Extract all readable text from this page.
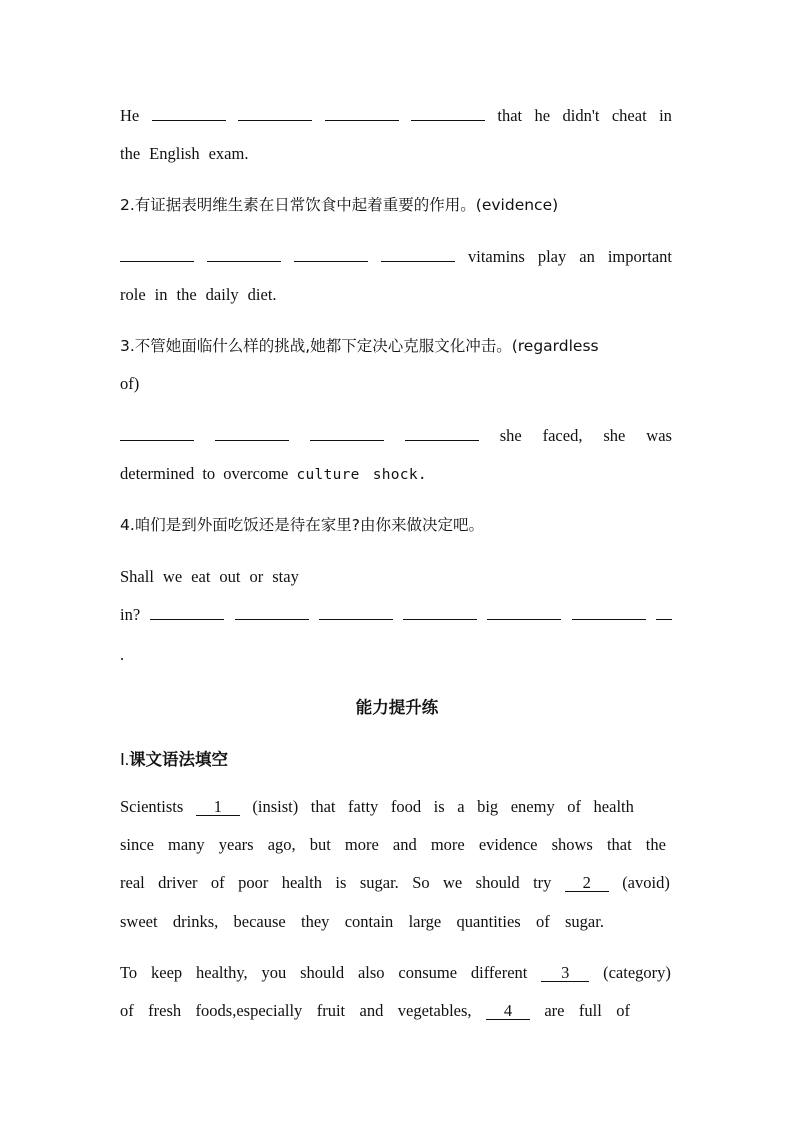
He	that he didn't cheat in
the English exam.
2.有证据表明维生素在日常饮食中起着重要的作用。(evidence)
vitamins play an important
role in the daily diet.
3.不管她面临什么样的挑战,她都下定决心克服文化冲击。(regardless
of)
she faced, she was
determined to overcome culture shock.
4.咱们是到外面吃饭还是待在家里?由你来做决定吧。
Shall we eat out or stay
in?
.
能力提升练
Ⅰ.课文语法填空
Scientists	1	(insist) that fatty food is a big enemy of health
since many years ago, but more and more evidence shows that the
real driver of poor health is sugar. So we should try	2	(avoid)
sweet drinks, because they contain large quantities of sugar.
To keep healthy, you should also consume different	3	(category)
of fresh foods,especially fruit and vegetables,	4	are full of
